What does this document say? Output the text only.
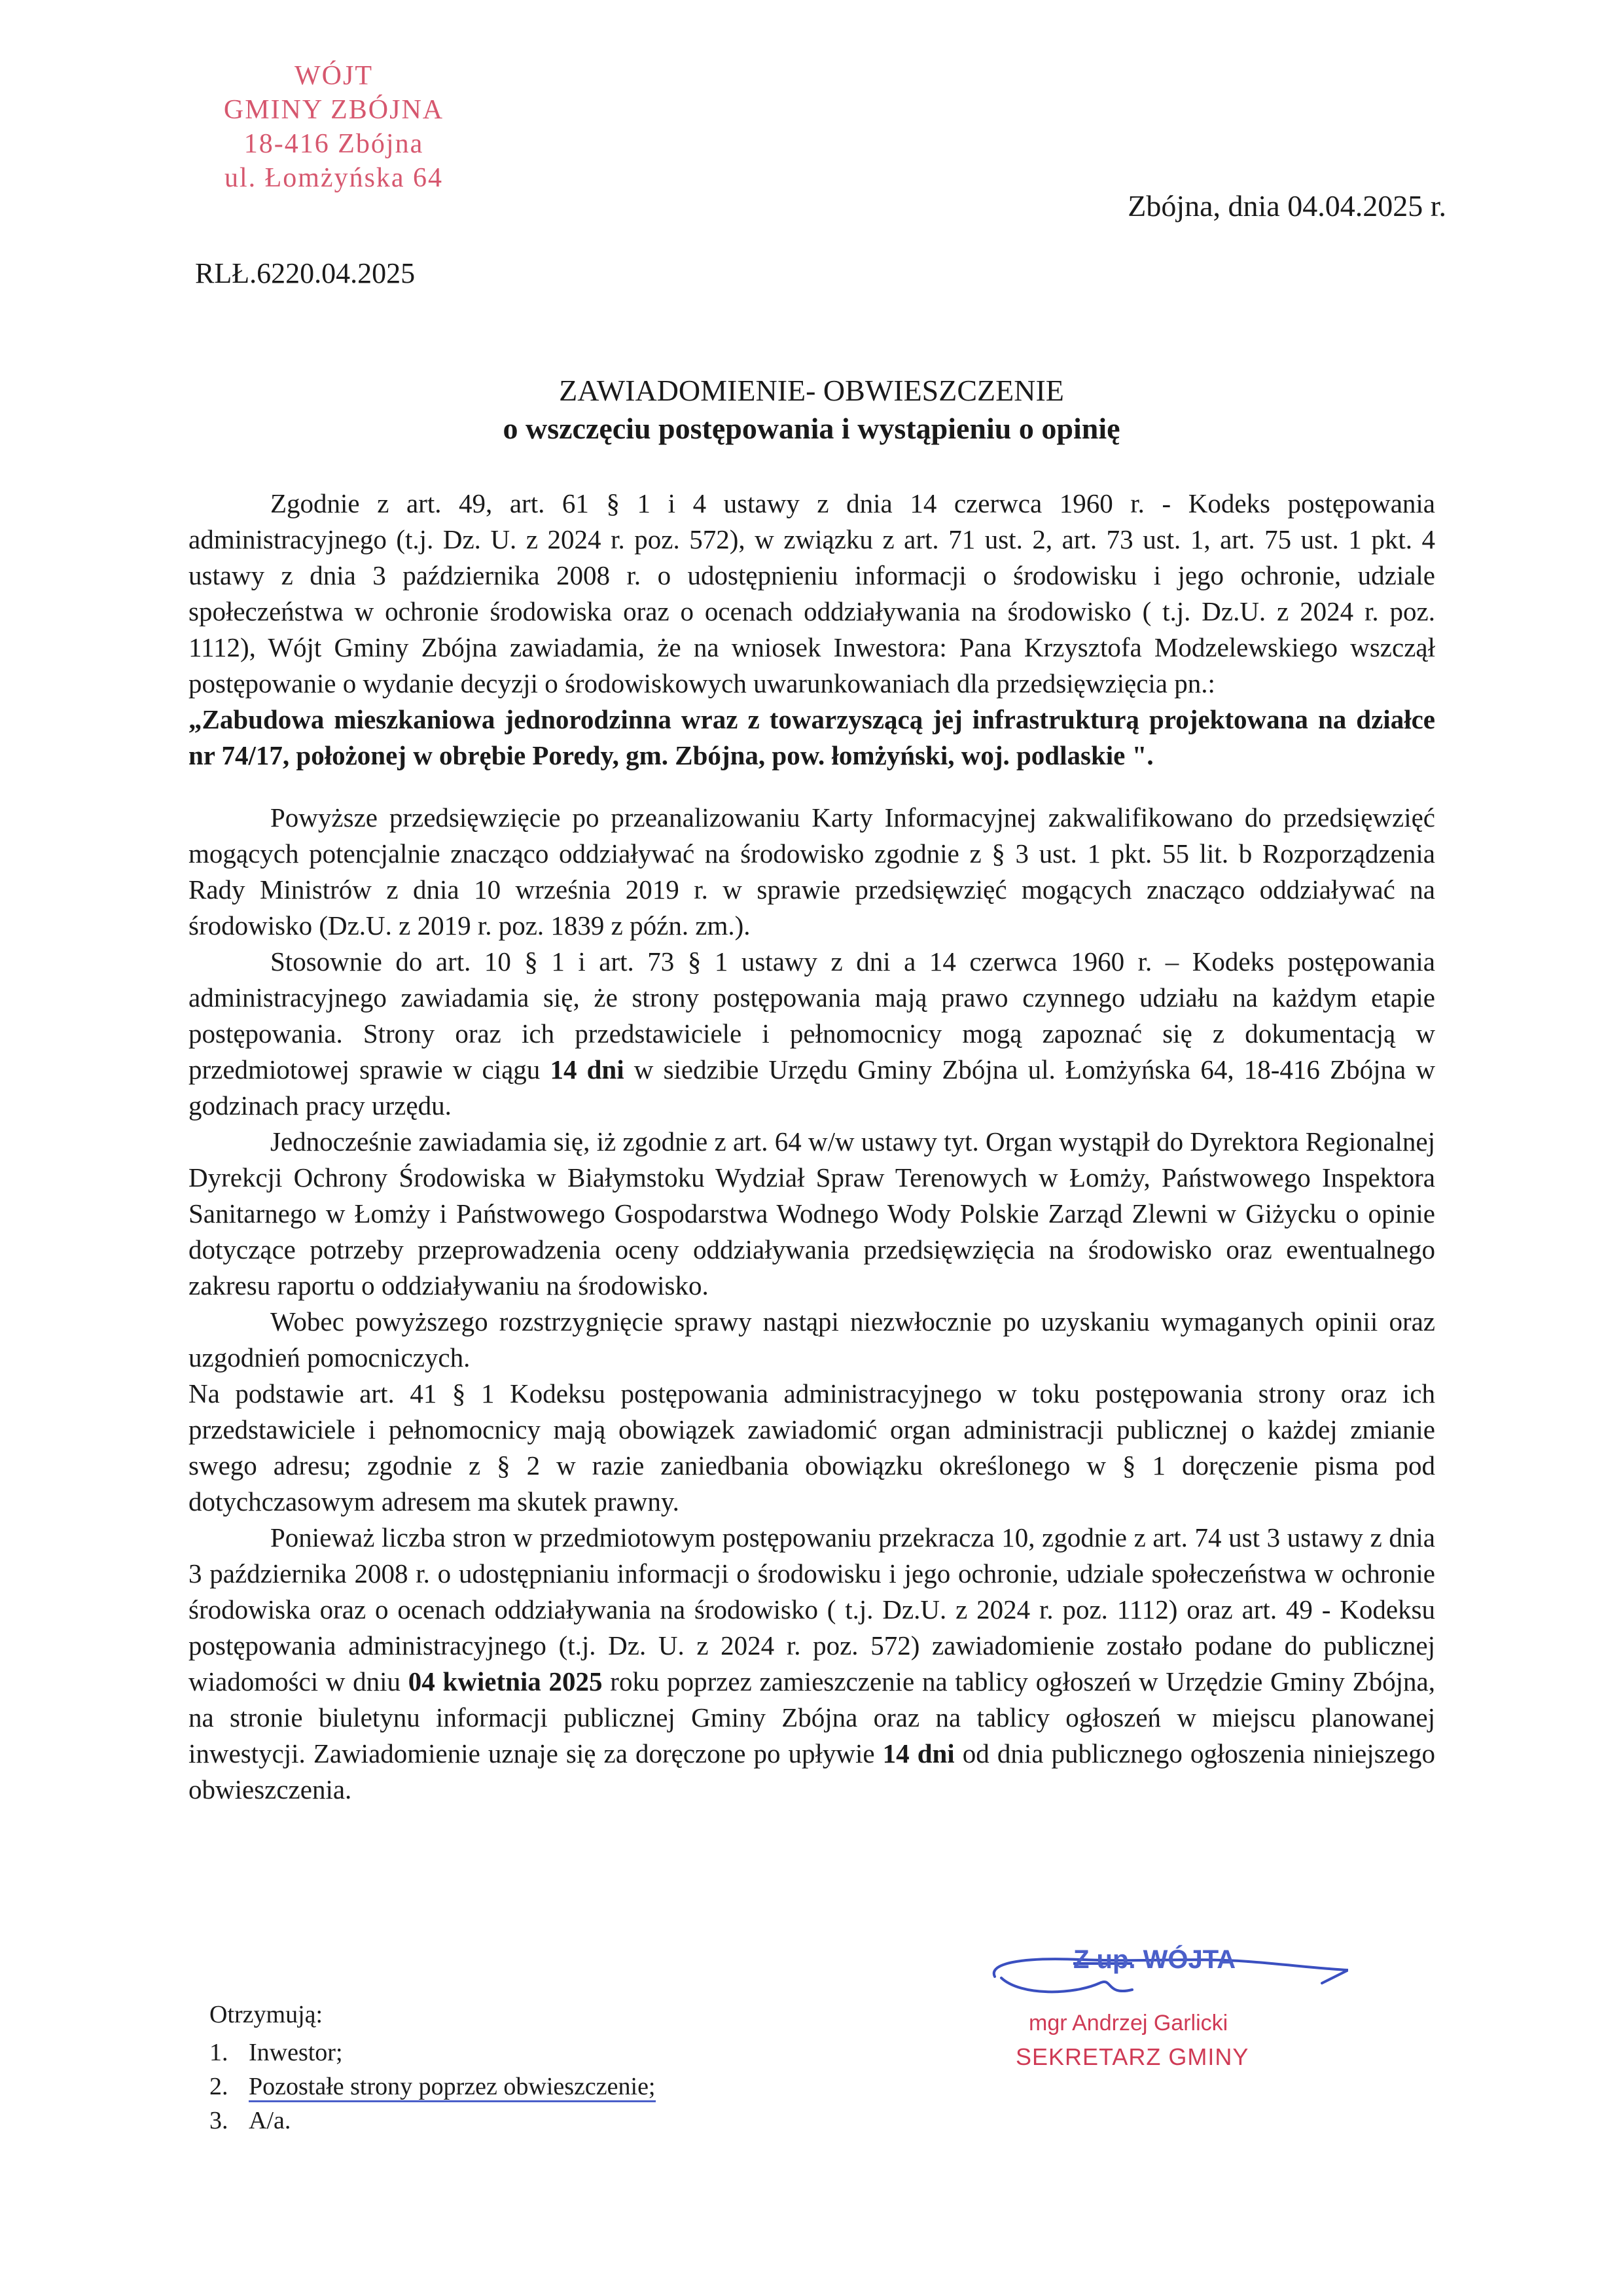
WÓJT
GMINY ZBÓJNA
18-416 Zbójna
ul. Łomżyńska 64
Zbójna, dnia 04.04.2025 r.
RLŁ.6220.04.2025
ZAWIADOMIENIE- OBWIESZCZENIE
o wszczęciu postępowania i wystąpieniu o opinię

Zgodnie z art. 49, art. 61 § 1 i 4 ustawy z dnia 14 czerwca 1960 r. - Kodeks postępowania administracyjnego (t.j. Dz. U. z 2024 r. poz. 572), w związku z art. 71 ust. 2, art. 73 ust. 1, art. 75 ust. 1 pkt. 4 ustawy z dnia 3 października 2008 r. o udostępnieniu informacji o środowisku i jego ochronie, udziale społeczeństwa w ochronie środowiska oraz o ocenach oddziaływania na środowisko ( t.j. Dz.U. z 2024 r. poz. 1112), Wójt Gminy Zbójna zawiadamia, że na wniosek Inwestora: Pana Krzysztofa Modzelewskiego wszczął postępowanie o wydanie decyzji o środowiskowych uwarunkowaniach dla przedsięwzięcia pn.:

„Zabudowa mieszkaniowa jednorodzinna wraz z towarzyszącą jej infrastrukturą projektowana na działce nr 74/17, położonej w obrębie Poredy, gm. Zbójna, pow. łomżyński, woj. podlaskie ".

Powyższe przedsięwzięcie po przeanalizowaniu Karty Informacyjnej zakwalifikowano do przedsięwzięć mogących potencjalnie znacząco oddziaływać na środowisko zgodnie z § 3 ust. 1 pkt. 55 lit. b Rozporządzenia Rady Ministrów z dnia 10 września 2019 r. w sprawie przedsięwzięć mogących znacząco oddziaływać na środowisko (Dz.U. z 2019 r. poz. 1839 z późn. zm.).

Stosownie do art. 10 § 1 i art. 73 § 1 ustawy z dni a 14 czerwca 1960 r. – Kodeks postępowania administracyjnego zawiadamia się, że strony postępowania mają prawo czynnego udziału na każdym etapie postępowania. Strony oraz ich przedstawiciele i pełnomocnicy mogą zapoznać się z dokumentacją w przedmiotowej sprawie w ciągu 14 dni w siedzibie Urzędu Gminy Zbójna ul. Łomżyńska 64, 18-416 Zbójna w godzinach pracy urzędu.

Jednocześnie zawiadamia się, iż zgodnie z art. 64 w/w ustawy tyt. Organ wystąpił do Dyrektora Regionalnej Dyrekcji Ochrony Środowiska w Białymstoku Wydział Spraw Terenowych w Łomży, Państwowego Inspektora Sanitarnego w Łomży i Państwowego Gospodarstwa Wodnego Wody Polskie Zarząd Zlewni w Giżycku o opinie dotyczące potrzeby przeprowadzenia oceny oddziaływania przedsięwzięcia na środowisko oraz ewentualnego zakresu raportu o oddziaływaniu na środowisko.

Wobec powyższego rozstrzygnięcie sprawy nastąpi niezwłocznie po uzyskaniu wymaganych opinii oraz uzgodnień pomocniczych.

Na podstawie art. 41 § 1 Kodeksu postępowania administracyjnego w toku postępowania strony oraz ich przedstawiciele i pełnomocnicy mają obowiązek zawiadomić organ administracji publicznej o każdej zmianie swego adresu; zgodnie z § 2 w razie zaniedbania obowiązku określonego w § 1 doręczenie pisma pod dotychczasowym adresem ma skutek prawny.

Ponieważ liczba stron w przedmiotowym postępowaniu przekracza 10, zgodnie z art. 74 ust 3 ustawy z dnia 3 października 2008 r. o udostępnianiu informacji o środowisku i jego ochronie, udziale społeczeństwa w ochronie środowiska oraz o ocenach oddziaływania na środowisko ( t.j. Dz.U. z 2024 r. poz. 1112) oraz art. 49 - Kodeksu postępowania administracyjnego (t.j. Dz. U. z 2024 r. poz. 572) zawiadomienie zostało podane do publicznej wiadomości w dniu 04 kwietnia 2025 roku poprzez zamieszczenie na tablicy ogłoszeń w Urzędzie Gminy Zbójna, na stronie biuletynu informacji publicznej Gminy Zbójna oraz na tablicy ogłoszeń w miejscu planowanej inwestycji. Zawiadomienie uznaje się za doręczone po upływie 14 dni od dnia publicznego ogłoszenia niniejszego obwieszczenia.

Z up. WÓJTA
mgr Andrzej Garlicki
SEKRETARZ GMINY
Otrzymują:
1. Inwestor;
2. Pozostałe strony poprzez obwieszczenie;
3. A/a.
